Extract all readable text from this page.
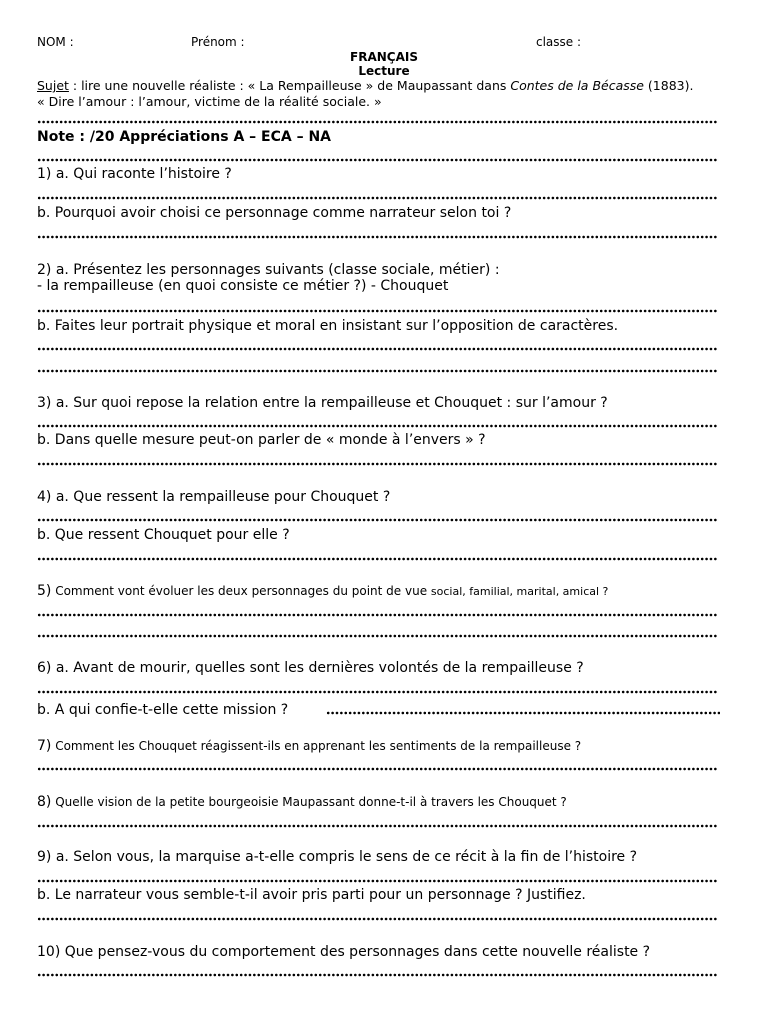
NOM :	Prénom :	classe :
FRANÇAIS
Lecture
Sujet : lire une nouvelle réaliste : « La Rempailleuse » de Maupassant dans Contes de la Bécasse (1883).
« Dire l’amour : l’amour, victime de la réalité sociale. »
Note : /20 Appréciations A – ECA – NA
1) a. Qui raconte l’histoire ?
b. Pourquoi avoir choisi ce personnage comme narrateur selon toi ?
2) a. Présentez les personnages suivants (classe sociale, métier) :
- la rempailleuse (en quoi consiste ce métier ?) - Chouquet
b. Faites leur portrait physique et moral en insistant sur l’opposition de caractères.
3) a. Sur quoi repose la relation entre la rempailleuse et Chouquet : sur l’amour ?
b. Dans quelle mesure peut-on parler de « monde à l’envers » ?
4) a. Que ressent la rempailleuse pour Chouquet ?
b. Que ressent Chouquet pour elle ?
5) Comment vont évoluer les deux personnages du point de vue social, familial, marital, amical ?
6) a. Avant de mourir, quelles sont les dernières volontés de la rempailleuse ?
b. A qui confie-t-elle cette mission ?
7) Comment les Chouquet réagissent-ils en apprenant les sentiments de la rempailleuse ?
8) Quelle vision de la petite bourgeoisie Maupassant donne-t-il à travers les Chouquet ?
9) a. Selon vous, la marquise a-t-elle compris le sens de ce récit à la fin de l’histoire ?
b. Le narrateur vous semble-t-il avoir pris parti pour un personnage ? Justifiez.
10) Que pensez-vous du comportement des personnages dans cette nouvelle réaliste ?
